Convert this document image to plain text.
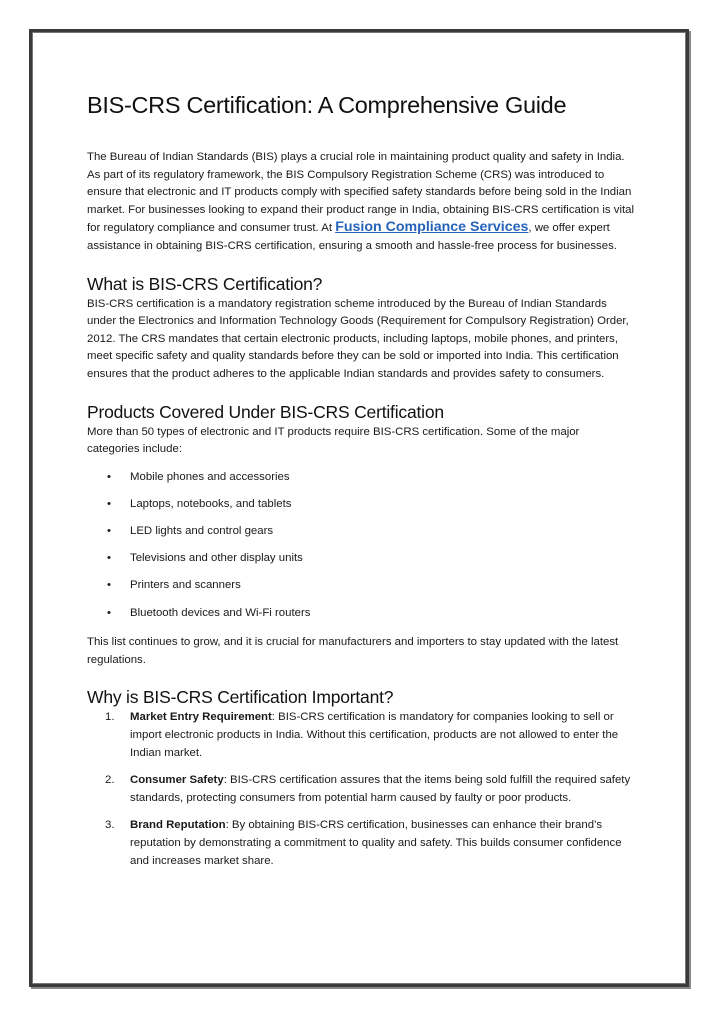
BIS-CRS Certification: A Comprehensive Guide

The Bureau of Indian Standards (BIS) plays a crucial role in maintaining product quality and safety in India. As part of its regulatory framework, the BIS Compulsory Registration Scheme (CRS) was introduced to ensure that electronic and IT products comply with specified safety standards before being sold in the Indian market. For businesses looking to expand their product range in India, obtaining BIS-CRS certification is vital for regulatory compliance and consumer trust. At Fusion Compliance Services, we offer expert assistance in obtaining BIS-CRS certification, ensuring a smooth and hassle-free process for businesses.

What is BIS-CRS Certification?

BIS-CRS certification is a mandatory registration scheme introduced by the Bureau of Indian Standards under the Electronics and Information Technology Goods (Requirement for Compulsory Registration) Order, 2012. The CRS mandates that certain electronic products, including laptops, mobile phones, and printers, meet specific safety and quality standards before they can be sold or imported into India. This certification ensures that the product adheres to the applicable Indian standards and provides safety to consumers.

Products Covered Under BIS-CRS Certification

More than 50 types of electronic and IT products require BIS-CRS certification. Some of the major categories include:

• Mobile phones and accessories
• Laptops, notebooks, and tablets
• LED lights and control gears
• Televisions and other display units
• Printers and scanners
• Bluetooth devices and Wi-Fi routers

This list continues to grow, and it is crucial for manufacturers and importers to stay updated with the latest regulations.

Why is BIS-CRS Certification Important?
1. Market Entry Requirement: BIS-CRS certification is mandatory for companies looking to sell or import electronic products in India. Without this certification, products are not allowed to enter the Indian market.
2. Consumer Safety: BIS-CRS certification assures that the items being sold fulfill the required safety standards, protecting consumers from potential harm caused by faulty or poor products.
3. Brand Reputation: By obtaining BIS-CRS certification, businesses can enhance their brand’s reputation by demonstrating a commitment to quality and safety. This builds consumer confidence and increases market share.
